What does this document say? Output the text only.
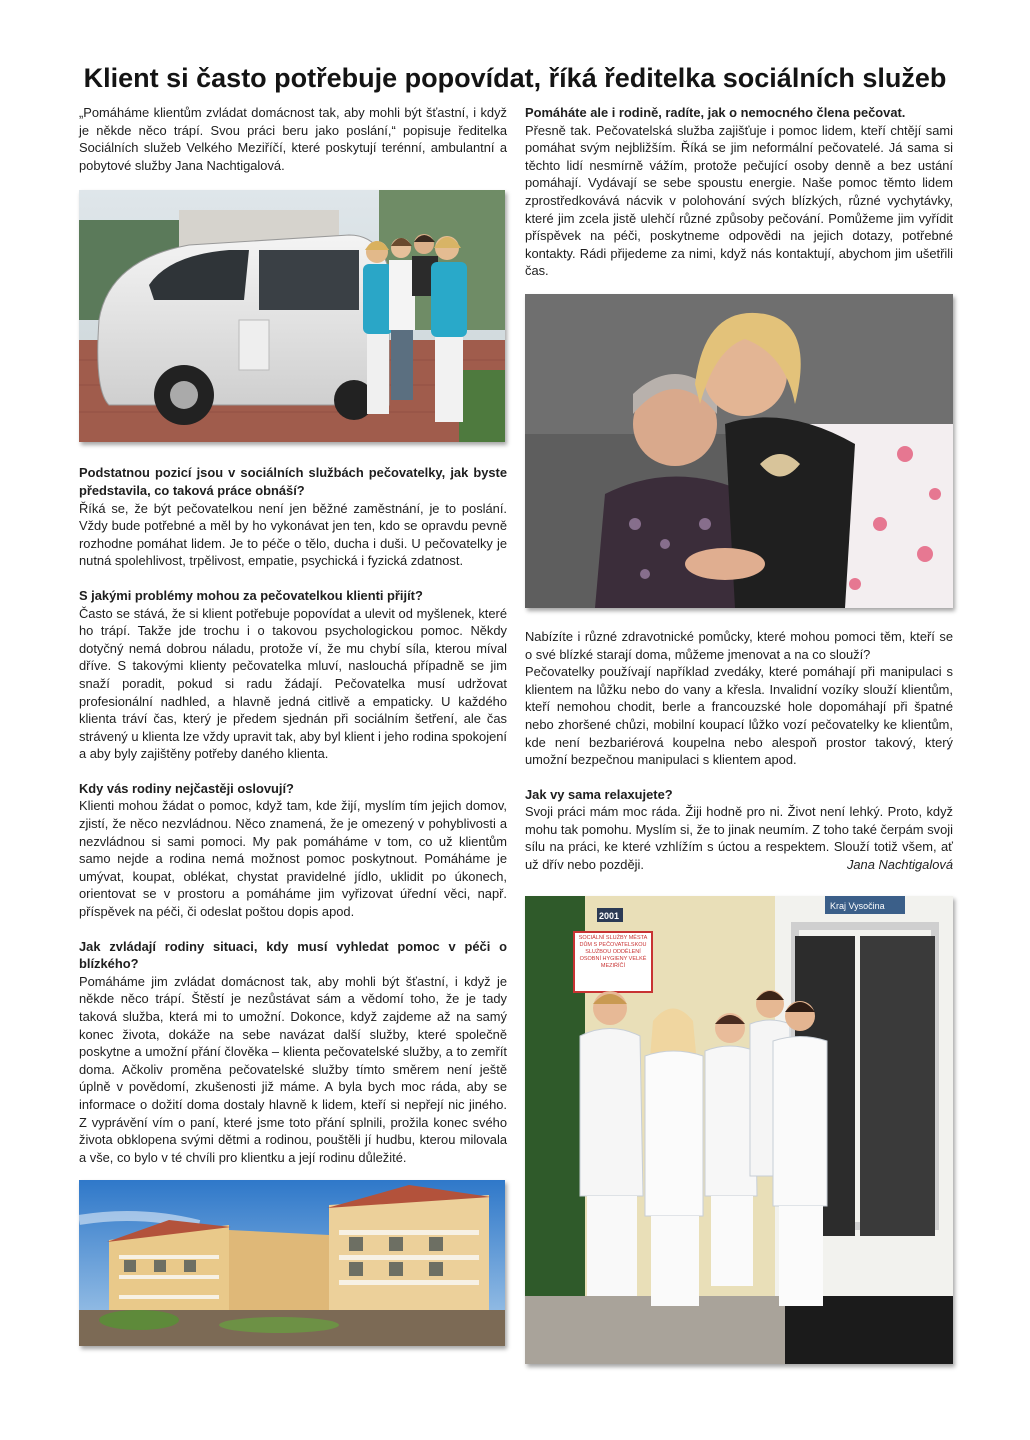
Klient si často potřebuje popovídat, říká ředitelka sociálních služeb

„Pomáháme klientům zvládat domácnost tak, aby mohli být šťastní, i když je někde něco trápí. Svou práci beru jako poslání,“ popisuje ředitelka Sociálních služeb Velkého Meziříčí, které poskytují terénní, ambulantní a pobytové služby Jana Nachtigalová.

Podstatnou pozicí jsou v sociálních službách pečovatelky, jak byste představila, co taková práce obnáší?

Říká se, že být pečovatelkou není jen běžné zaměstnání, je to poslání. Vždy bude potřebné a měl by ho vykonávat jen ten, kdo se opravdu pevně rozhodne pomáhat lidem. Je to péče o tělo, ducha i duši. U pečovatelky je nutná spolehlivost, trpělivost, empatie, psychická i fyzická zdatnost.

S jakými problémy mohou za pečovatelkou klienti přijít?

Často se stává, že si klient potřebuje popovídat a ulevit od myšlenek, které ho trápí. Takže jde trochu i o takovou psychologickou pomoc. Někdy dotyčný nemá dobrou náladu, protože ví, že mu chybí síla, kterou míval dříve. S takovými klienty pečovatelka mluví, naslouchá případně se jim snaží poradit, pokud si radu žádají. Pečovatelka musí udržovat profesionální nadhled, a hlavně jedná citlivě a empaticky. U každého klienta tráví čas, který je předem sjednán při sociálním šetření, ale čas strávený u klienta lze vždy upravit tak, aby byl klient i jeho rodina spokojení a aby byly zajištěny potřeby daného klienta.

Kdy vás rodiny nejčastěji oslovují?

Klienti mohou žádat o pomoc, když tam, kde žijí, myslím tím jejich domov, zjistí, že něco nezvládnou. Něco znamená, že je omezený v pohyblivosti a nezvládnou si sami pomoci. My pak pomáháme v tom, co už klientům samo nejde a rodina nemá možnost pomoc poskytnout. Pomáháme je umývat, koupat, oblékat, chystat pravidelné jídlo, uklidit po úkonech, orientovat se v prostoru a pomáháme jim vyřizovat úřední věci, např. příspěvek na péči, či odeslat poštou dopis apod.

Jak zvládají rodiny situaci, kdy musí vyhledat pomoc v péči o blízkého?

Pomáháme jim zvládat domácnost tak, aby mohli být šťastní, i když je někde něco trápí. Štěstí je nezůstávat sám a vědomí toho, že je tady taková služba, která mi to umožní. Dokonce, když zajdeme až na samý konec života, dokáže na sebe navázat další služby, které společně poskytne a umožní přání člověka – klienta pečovatelské služby, a to zemřít doma. Ačkoliv proměna pečovatelské služby tímto směrem není ještě úplně v povědomí, zkušenosti již máme. A byla bych moc ráda, aby se informace o dožití doma dostaly hlavně k lidem, kteří si nepřejí nic jiného. Z vyprávění vím o paní, které jsme toto přání splnili, prožila konec svého života obklopena svými dětmi a rodinou, pouštěli jí hudbu, kterou milovala a vše, co bylo v té chvíli pro klientku a její rodinu důležité.

Pomáháte ale i rodině, radíte, jak o nemocného člena pečovat.

Přesně tak. Pečovatelská služba zajišťuje i pomoc lidem, kteří chtějí sami pomáhat svým nejbližším. Říká se jim neformální pečovatelé. Já sama si těchto lidí nesmírně vážím, protože pečující osoby denně a bez ustání pomáhají. Vydávají se sebe spoustu energie. Naše pomoc těmto lidem zprostředkovává nácvik v polohování svých blízkých, různé vychytávky, které jim zcela jistě ulehčí různé způsoby pečování. Pomůžeme jim vyřídit příspěvek na péči, poskytneme odpovědi na jejich dotazy, potřebné kontakty. Rádi přijedeme za nimi, když nás kontaktují, abychom jim ušetřili čas.

Nabízíte i různé zdravotnické pomůcky, které mohou pomoci těm, kteří se o své blízké starají doma, můžeme jmenovat a na co slouží?

Pečovatelky používají například zvedáky, které pomáhají při manipulaci s klientem na lůžku nebo do vany a křesla. Invalidní vozíky slouží klientům, kteří nemohou chodit, berle a francouzské hole dopomáhají při špatné nebo zhoršené chůzi, mobilní koupací lůžko vozí pečovatelky ke klientům, kde není bezbariérová koupelna nebo alespoň prostor takový, který umožní bezpečnou manipulaci s klientem apod.

Jak vy sama relaxujete?

Svoji práci mám moc ráda. Žiji hodně pro ni. Život není lehký. Proto, když mohu tak pomohu. Myslím si, že to jinak neumím. Z toho také čerpám svoji sílu na práci, ke které vzhlížím s úctou a respektem. Slouží totiž všem, ať už dřív nebo později.	Jana Nachtigalová

Kraj Vysočina
2001
SOCIÁLNÍ SLUŽBY MĚSTA DŮM S PEČOVATELSKOU SLUŽBOU ODDĚLENÍ OSOBNÍ HYGIENY VELKÉ MEZIŘÍČÍ
